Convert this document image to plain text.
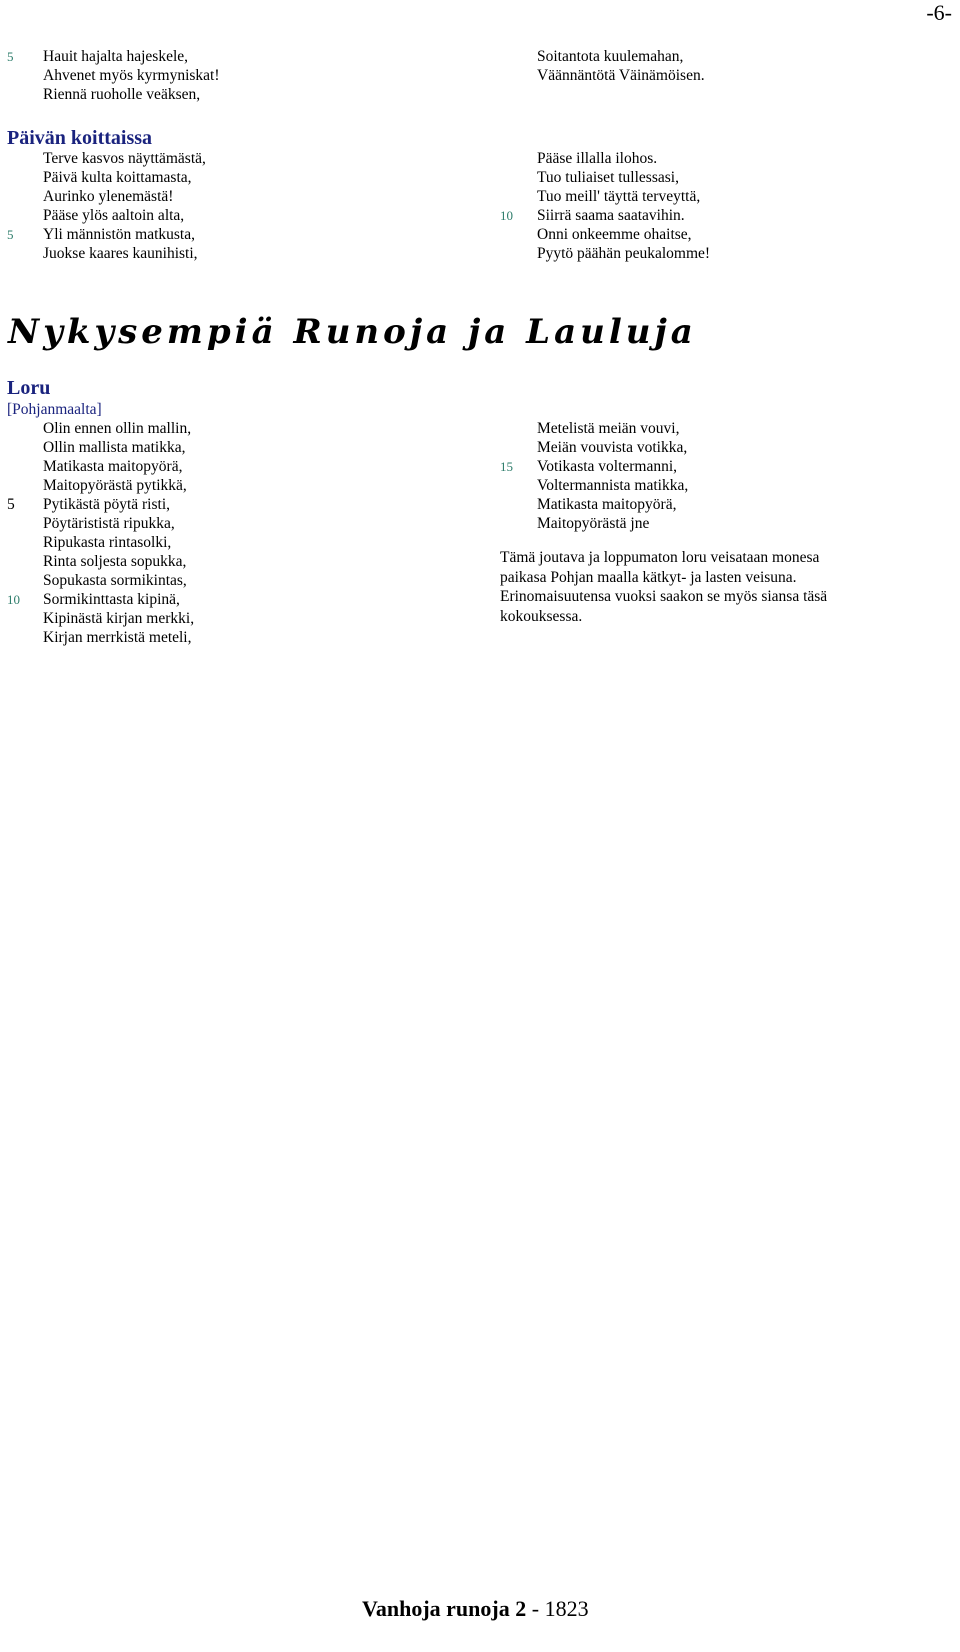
-6-
5	Hauit hajalta hajeskele,
Ahvenet myös kyrmyniskat!
Riennä ruoholle veäksen,
Soitantota kuulemahan,
Väännäntötä Väinämöisen.
Päivän koittaissa
Terve kasvos näyttämästä,
Päivä kulta koittamasta,
Aurinko ylenemästä!
Pääse ylös aaltoin alta,
5	Yli männistön matkusta,
Juokse kaares kaunihisti,
Pääse illalla ilohos.
Tuo tuliaiset tullessasi,
Tuo meill' täyttä terveyttä,
10	Siirrä saama saatavihin.
Onni onkeemme ohaitse,
Pyytö päähän peukalomme!
Nykysempiä Runoja ja Lauluja
Loru
[Pohjanmaalta]
Olin ennen ollin mallin,
Ollin mallista matikka,
Matikasta maitopyörä,
Maitopyörästä pytikkä,
5	Pytikästä pöytä risti,
Pöytärististä ripukka,
Ripukasta rintasolki,
Rinta soljesta sopukka,
Sopukasta sormikintas,
10	Sormikinttasta kipinä,
Kipinästä kirjan merkki,
Kirjan merrkistä meteli,
Metelistä meiän vouvi,
Meiän vouvista votikka,
15	Votikasta voltermanni,
Voltermannista matikka,
Matikasta maitopyörä,
Maitopyörästä jne
Tämä joutava ja loppumaton loru veisataan monesa paikasa Pohjan maalla kätkyt- ja lasten veisuna. Erinomaisuutensa vuoksi saakon se myös siansa täsä kokouksessa.
Vanhoja runoja 2 - 1823
